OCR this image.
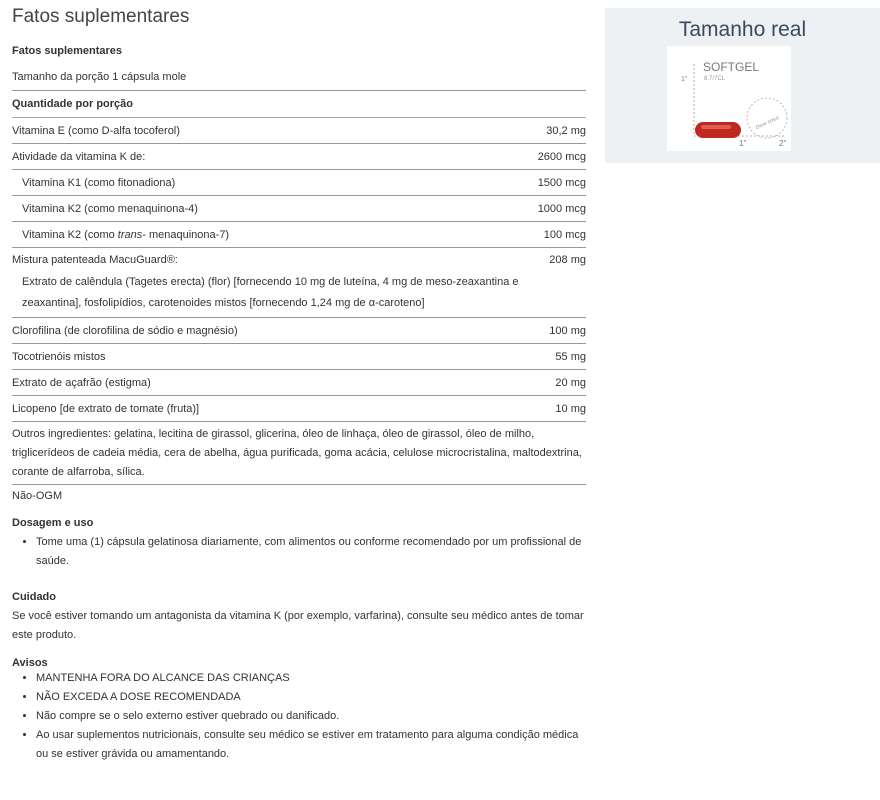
Fatos suplementares
Fatos suplementares
Tamanho da porção 1 cápsula mole
Quantidade por porção
Vitamina E (como D-alfa tocoferol)	30,2 mg
Atividade da vitamina K de:	2600 mcg
Vitamina K1 (como fitonadiona)	1500 mcg
Vitamina K2 (como menaquinona-4)	1000 mcg
Vitamina K2 (como trans- menaquinona-7)	100 mcg
Mistura patenteada MacuGuard®:	208 mg
Extrato de calêndula (Tagetes erecta) (flor) [fornecendo 10 mg de luteína, 4 mg de meso-zeaxantina e zeaxantina], fosfolipídios, carotenoides mistos [fornecendo 1,24 mg de α-caroteno]
Clorofilina (de clorofilina de sódio e magnésio)	100 mg
Tocotrienóis mistos	55 mg
Extrato de açafrão (estigma)	20 mg
Licopeno [de extrato de tomate (fruta)]	10 mg
Outros ingredientes: gelatina, lecitina de girassol, glicerina, óleo de linhaça, óleo de girassol, óleo de milho, triglicerídeos de cadeia média, cera de abelha, água purificada, goma acácia, celulose microcristalina, maltodextrina, corante de alfarroba, sílica.
Não-OGM
Dosagem e uso
• Tome uma (1) cápsula gelatinosa diariamente, com alimentos ou conforme recomendado por um profissional de saúde.
Cuidado
Se você estiver tomando um antagonista da vitamina K (por exemplo, varfarina), consulte seu médico antes de tomar este produto.
Avisos
• MANTENHA FORA DO ALCANCE DAS CRIANÇAS
• NÃO EXCEDA A DOSE RECOMENDADA
• Não compre se o selo externo estiver quebrado ou danificado.
• Ao usar suplementos nutricionais, consulte seu médico se estiver em tratamento para alguma condição médica ou se estiver grávida ou amamentando.
Tamanho real
SOFTGEL
8.7/7CL
1"
Dime sized
1"	2"
